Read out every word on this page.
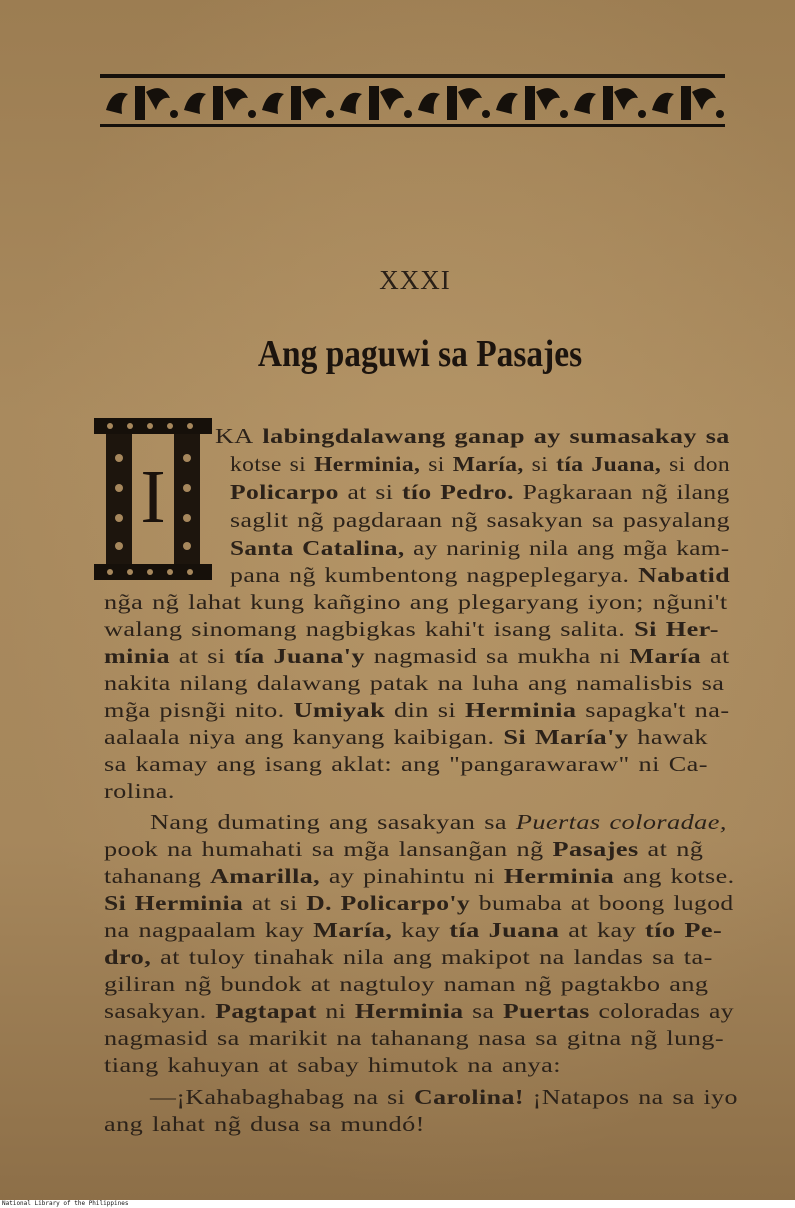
XXXI
Ang paguwi sa Pasajes
I
KA labingdalawang ganap ay sumasakay sa
kotse si Herminia, si María, si tía Juana, si don
Policarpo at si tío Pedro. Pagkaraan ng̃ ilang
saglit ng̃ pagdaraan ng̃ sasakyan sa pasyalang
Santa Catalina, ay narinig nila ang mg̃a kam-
pana ng̃ kumbentong nagpeplegarya. Nabatid
ng̃a ng̃ lahat kung kañgino ang plegaryang iyon; ng̃uni't
walang sinomang nagbigkas kahi't isang salita. Si Her-
minia at si tía Juana'y nagmasid sa mukha ni María at
nakita nilang dalawang patak na luha ang namalisbis sa
mg̃a pisng̃i nito. Umiyak din si Herminia sapagka't na-
aalaala niya ang kanyang kaibigan. Si María'y hawak
sa kamay ang isang aklat: ang "pangarawaraw" ni Ca-
rolina.
Nang dumating ang sasakyan sa Puertas coloradae,
pook na humahati sa mg̃a lansang̃an ng̃ Pasajes at ng̃
tahanang Amarilla, ay pinahintu ni Herminia ang kotse.
Si Herminia at si D. Policarpo'y bumaba at boong lugod
na nagpaalam kay María, kay tía Juana at kay tío Pe-
dro, at tuloy tinahak nila ang makipot na landas sa ta-
giliran ng̃ bundok at nagtuloy naman ng̃ pagtakbo ang
sasakyan. Pagtapat ni Herminia sa Puertas coloradas ay
nagmasid sa marikit na tahanang nasa sa gitna ng̃ lung-
tiang kahuyan at sabay himutok na anya:
—¡Kahabaghabag na si Carolina! ¡Natapos na sa iyo
ang lahat ng̃ dusa sa mundó!
National Library of the Philippines
